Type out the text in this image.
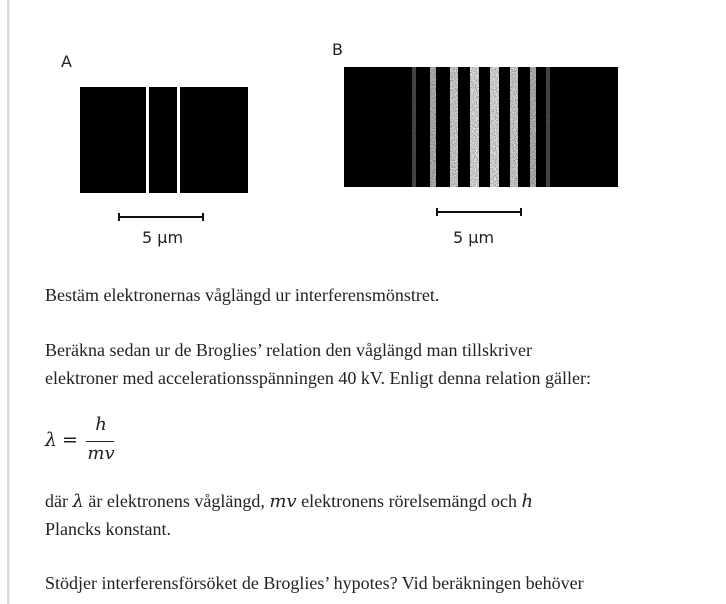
A
5 µm
B
5 µm
Bestäm elektronernas våglängd ur interferensmönstret.
Beräkna sedan ur de Broglies’ relation den våglängd man tillskriver
elektroner med accelerationsspänningen 40 kV. Enligt denna relation gäller:
λ =
h
mv
där λ är elektronens våglängd, mv elektronens rörelsemängd och h
Plancks konstant.
Stödjer interferensförsöket de Broglies’ hypotes? Vid beräkningen behöver
